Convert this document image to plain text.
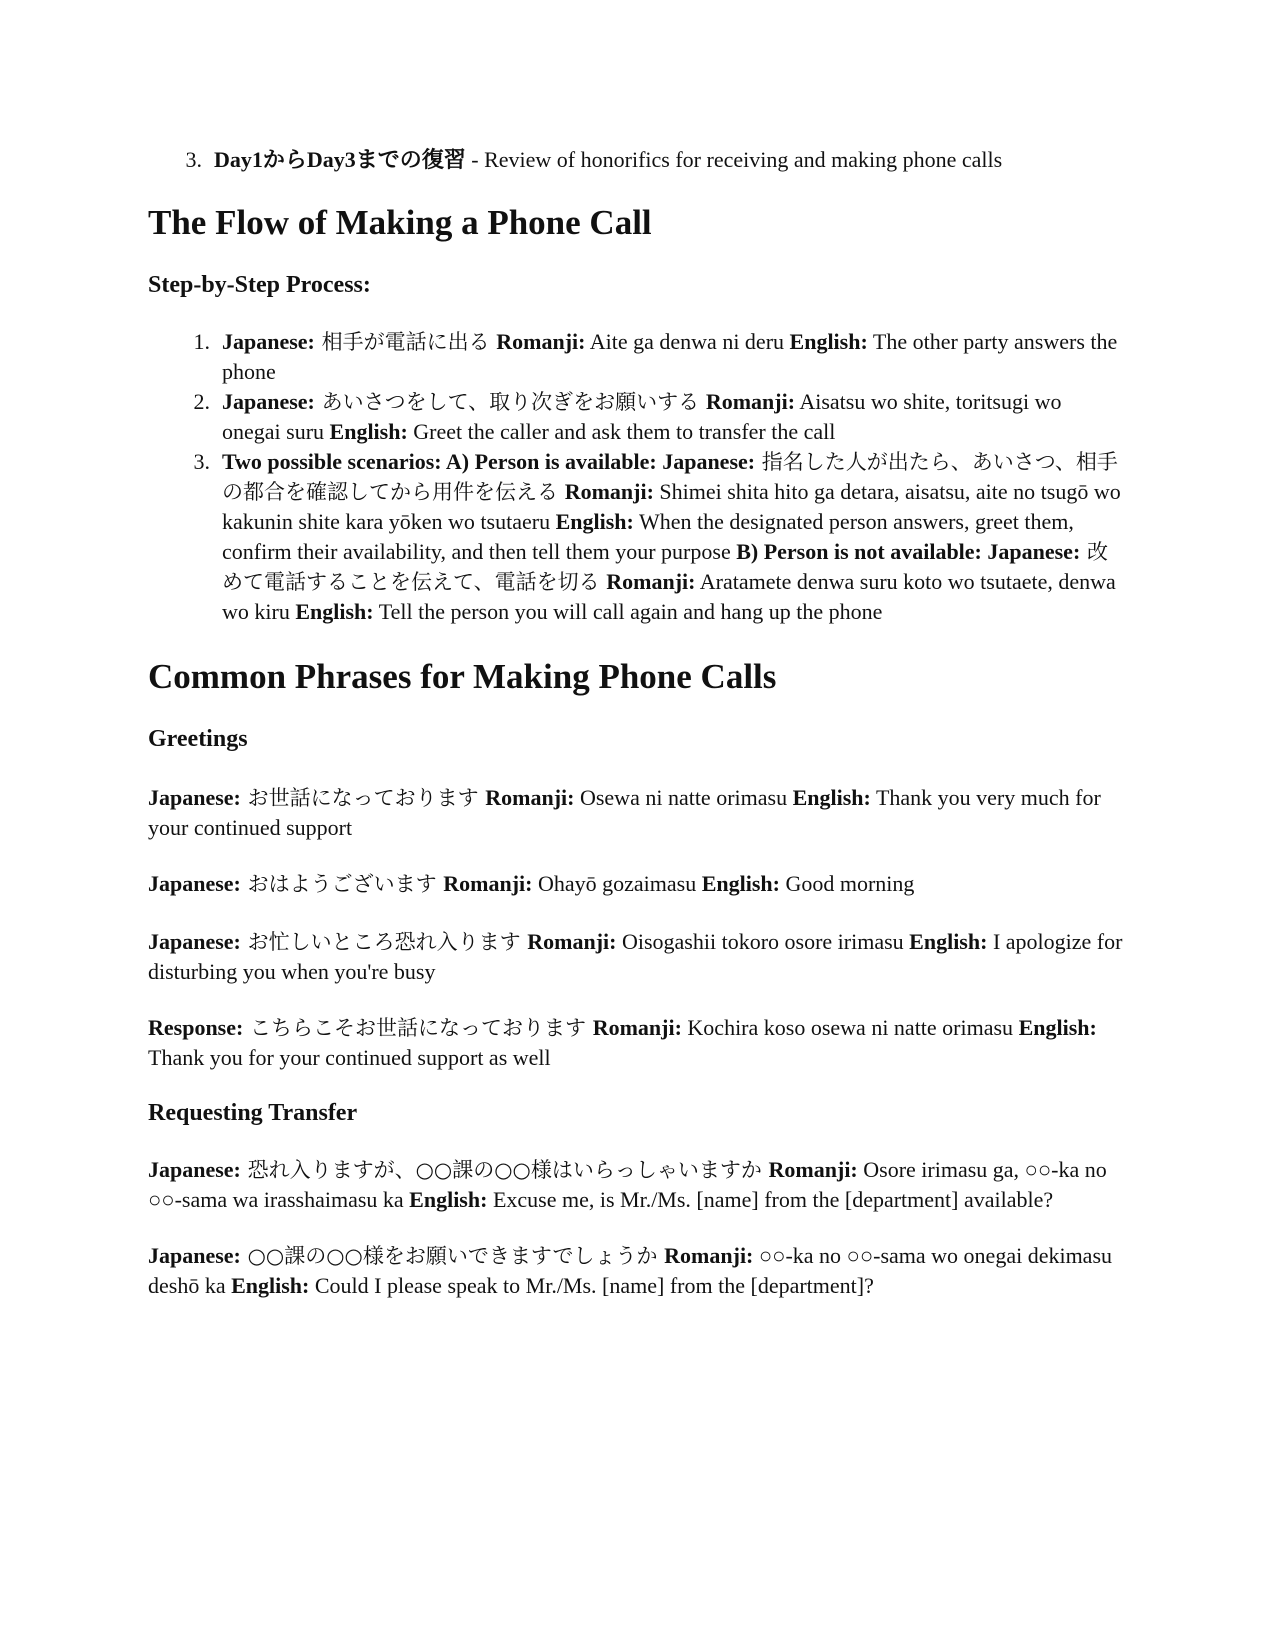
3. Day1からDay3までの復習 - Review of honorifics for receiving and making phone calls
The Flow of Making a Phone Call
Step-by-Step Process:
1. Japanese: 相手が電話に出る Romanji: Aite ga denwa ni deru English: The other party answers the phone
2. Japanese: あいさつをして、取り次ぎをお願いする Romanji: Aisatsu wo shite, toritsugi wo onegai suru English: Greet the caller and ask them to transfer the call
3. Two possible scenarios: A) Person is available: Japanese: 指名した人が出たら、あいさつ、相手の都合を確認してから用件を伝える Romanji: Shimei shita hito ga detara, aisatsu, aite no tsugō wo kakunin shite kara yōken wo tsutaeru English: When the designated person answers, greet them, confirm their availability, and then tell them your purpose B) Person is not available: Japanese: 改めて電話することを伝えて、電話を切る Romanji: Aratamete denwa suru koto wo tsutaete, denwa wo kiru English: Tell the person you will call again and hang up the phone
Common Phrases for Making Phone Calls
Greetings

Japanese: お世話になっております Romanji: Osewa ni natte orimasu English: Thank you very much for your continued support

Japanese: おはようございます Romanji: Ohayō gozaimasu English: Good morning

Japanese: お忙しいところ恐れ入ります Romanji: Oisogashii tokoro osore irimasu English: I apologize for disturbing you when you're busy

Response: こちらこそお世話になっております Romanji: Kochira koso osewa ni natte orimasu English: Thank you for your continued support as well

Requesting Transfer

Japanese: 恐れ入りますが、○○課の○○様はいらっしゃいますか Romanji: Osore irimasu ga, ○○-ka no ○○-sama wa irasshaimasu ka English: Excuse me, is Mr./Ms. [name] from the [department] available?

Japanese: ○○課の○○様をお願いできますでしょうか Romanji: ○○-ka no ○○-sama wo onegai dekimasu deshō ka English: Could I please speak to Mr./Ms. [name] from the [department]?
